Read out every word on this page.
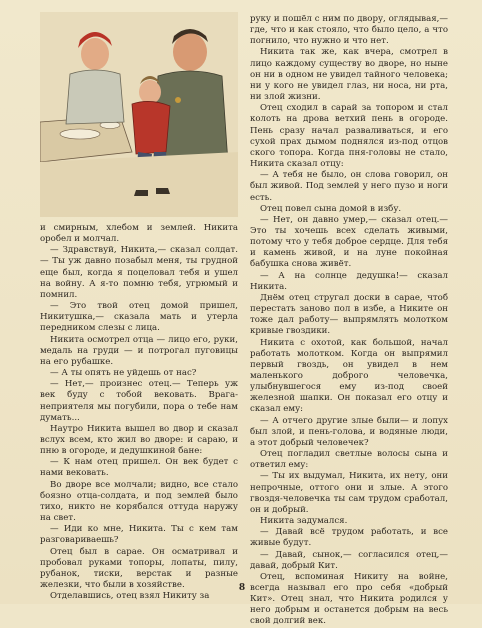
и смирным, хлебом и землей. Никита оробел и молчал.

— Здравствуй, Никита,— сказал солдат.— Ты уж давно позабыл меня, ты грудной еще был, когда я поцеловал тебя и ушел на войну. А я-то помню тебя, угрюмый и помнил.

— Это твой отец домой пришел, Никитушка,— сказала мать и утерла передником слезы с лица.

Никита осмотрел отца — лицо его, руки, медаль на груди — и потрогал пуговицы на его рубашке.

— А ты опять не уйдешь от нас?

— Нет,— произнес отец.— Теперь уж век буду с тобой вековать. Врага-неприятеля мы погубили, пора о тебе нам думать...

Наутро Никита вышел во двор и сказал вслух всем, кто жил во дворе: и сараю, и пню в огороде, и дедушкиной бане:

— К нам отец пришел. Он век будет с нами вековать.

Во дворе все молчали; видно, все стало боязно отца-солдата, и под землей было тихо, никто не корябался оттуда наружу на свет.

— Иди ко мне, Никита. Ты с кем там разговариваешь?

Отец был в сарае. Он осматривал и пробовал руками топоры, лопаты, пилу, рубанок, тиски, верстак и разные железки, что были в хозяйстве.

Отделавшись, отец взял Никиту за

руку и пошёл с ним по двору, оглядывая,— где, что и как стояло, что было цело, а что погнило, что нужно и что нет.

Никита так же, как вчера, смотрел в лицо каждому существу во дворе, но ныне он ни в одном не увидел тайного человека; ни у кого не увидел глаз, ни носа, ни рта, ни злой жизни.

Отец сходил в сарай за топором и стал колоть на дрова ветхий пень в огороде. Пень сразу начал разваливаться, и его сухой прах дымом поднялся из-под отцов ского топора. Когда пня-головы не стало, Никита сказал отцу:

— А тебя не было, он слова говорил, он был живой. Под землей у него пузо и ноги есть.

Отец повел сына домой в избу.

— Нет, он давно умер,— сказал отец.— Это ты хочешь всех сделать живыми, потому что у тебя доброе сердце. Для тебя и камень живой, и на луне покойная бабушка снова живёт.

— А на солнце дедушка!— сказал Никита.

Днём отец стругал доски в сарае, чтоб перестать заново пол в избе, а Никите он тоже дал работу— выпрямлять молотком кривые гвоздики.

Никита с охотой, как большой, начал работать молотком. Когда он выпрямил первый гвоздь, он увидел в нем маленького доброго человечка, улыбнувшегося ему из-под своей железной шапки. Он показал его отцу и сказал ему:

— А отчего другие злые были— и лопух был злой, и пень-голова, и водяные люди, а этот добрый человечек?

Отец погладил светлые волосы сына и ответил ему:

— Ты их выдумал, Никита, их нету, они непрочные, оттого они и злые. А этого гвоздя-человечка ты сам трудом сработал, он и добрый.

Никита задумался.

— Давай всё трудом работать, и все живые будут.

— Давай, сынок,— согласился отец,— давай, добрый Кит.

Отец, вспоминая Никиту на войне, всегда называл его про себя «добрый Кит». Отец знал, что Никита родился у него добрым и останется добрым на весь свой долгий век.

8
